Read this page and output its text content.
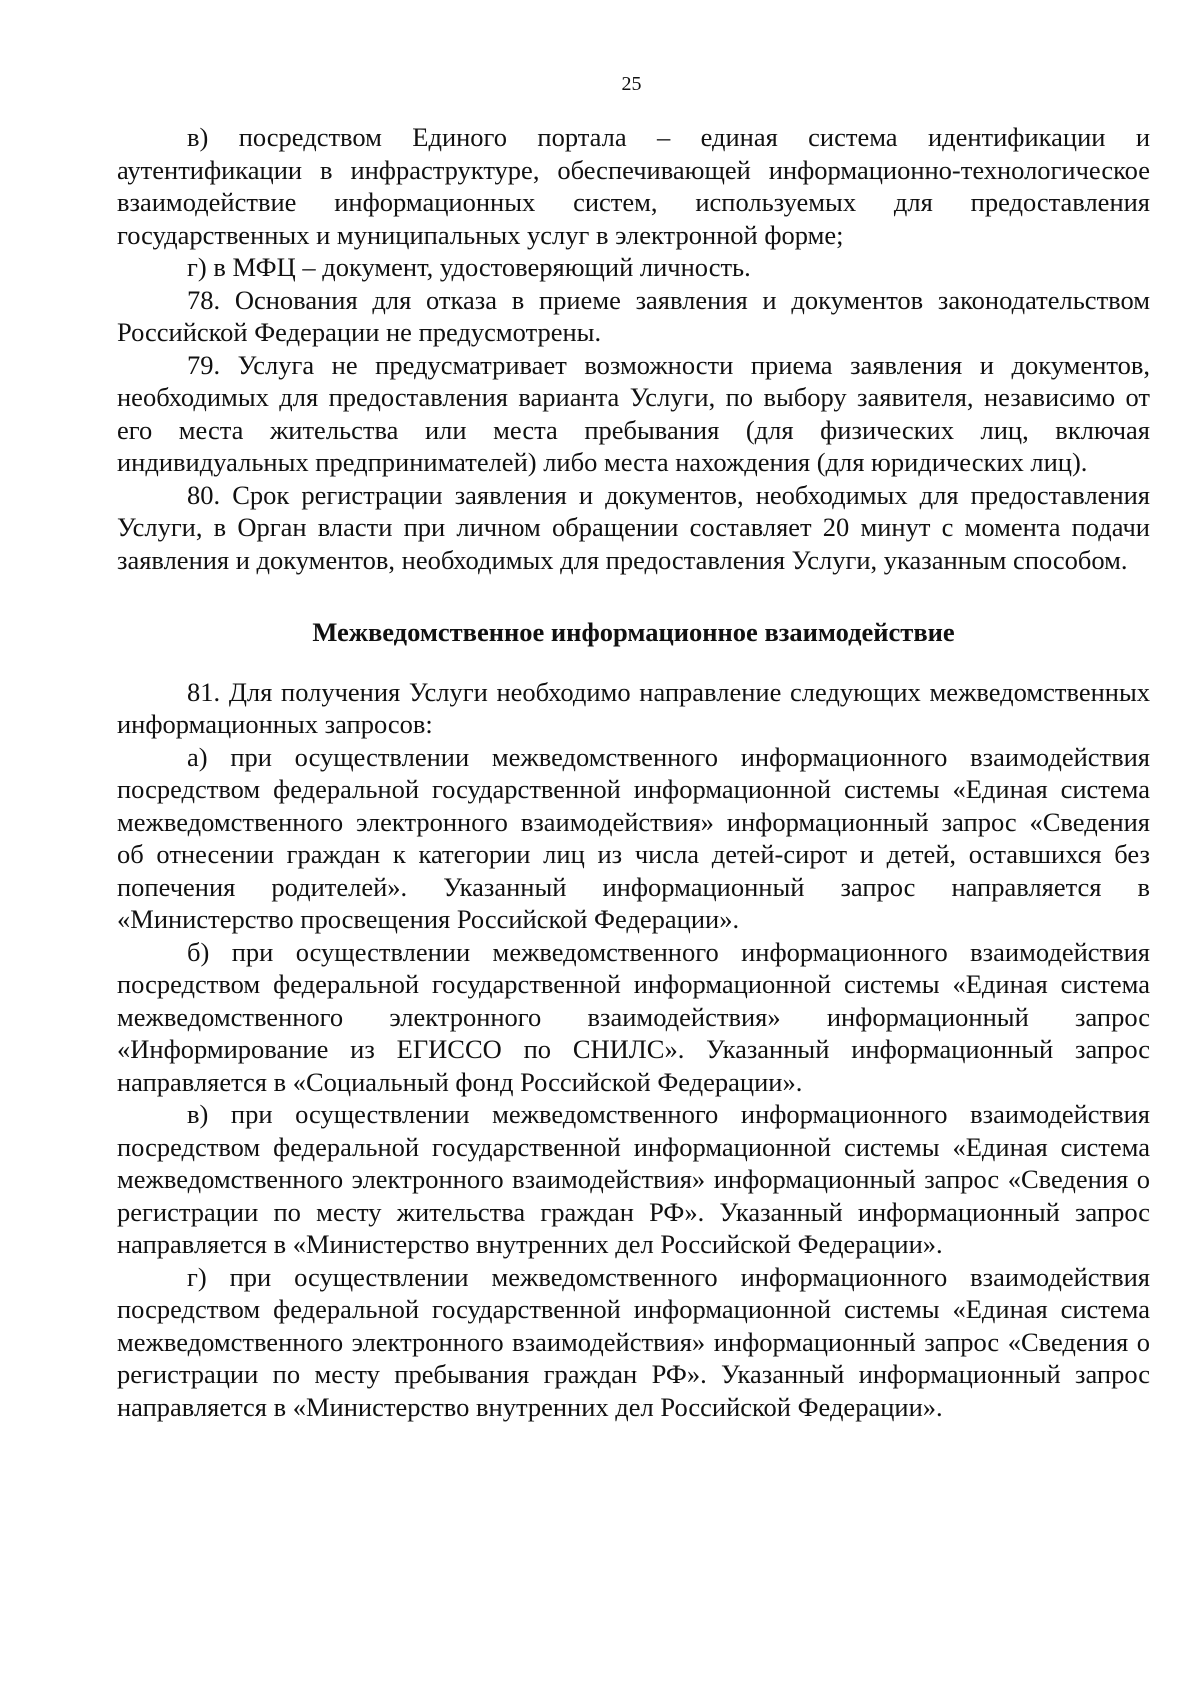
25

в) посредством Единого портала – единая система идентификации и аутентификации в инфраструктуре, обеспечивающей информационно-технологическое взаимодействие информационных систем, используемых для предоставления государственных и муниципальных услуг в электронной форме;

г) в МФЦ – документ, удостоверяющий личность.

78. Основания для отказа в приеме заявления и документов законодательством Российской Федерации не предусмотрены.

79. Услуга не предусматривает возможности приема заявления и документов, необходимых для предоставления варианта Услуги, по выбору заявителя, независимо от его места жительства или места пребывания (для физических лиц, включая индивидуальных предпринимателей) либо места нахождения (для юридических лиц).

80. Срок регистрации заявления и документов, необходимых для предоставления Услуги, в Орган власти при личном обращении составляет 20 минут с момента подачи заявления и документов, необходимых для предоставления Услуги, указанным способом.

Межведомственное информационное взаимодействие

81. Для получения Услуги необходимо направление следующих межведомственных информационных запросов:

а) при осуществлении межведомственного информационного взаимодействия посредством федеральной государственной информационной системы «Единая система межведомственного электронного взаимодействия» информационный запрос «Сведения об отнесении граждан к категории лиц из числа детей-сирот и детей, оставшихся без попечения родителей». Указанный информационный запрос направляется в «Министерство просвещения Российской Федерации».

б) при осуществлении межведомственного информационного взаимодействия посредством федеральной государственной информационной системы «Единая система межведомственного электронного взаимодействия» информационный запрос «Информирование из ЕГИССО по СНИЛС». Указанный информационный запрос направляется в «Социальный фонд Российской Федерации».

в) при осуществлении межведомственного информационного взаимодействия посредством федеральной государственной информационной системы «Единая система межведомственного электронного взаимодействия» информационный запрос «Сведения о регистрации по месту жительства граждан РФ». Указанный информационный запрос направляется в «Министерство внутренних дел Российской Федерации».

г) при осуществлении межведомственного информационного взаимодействия посредством федеральной государственной информационной системы «Единая система межведомственного электронного взаимодействия» информационный запрос «Сведения о регистрации по месту пребывания граждан РФ». Указанный информационный запрос направляется в «Министерство внутренних дел Российской Федерации».
